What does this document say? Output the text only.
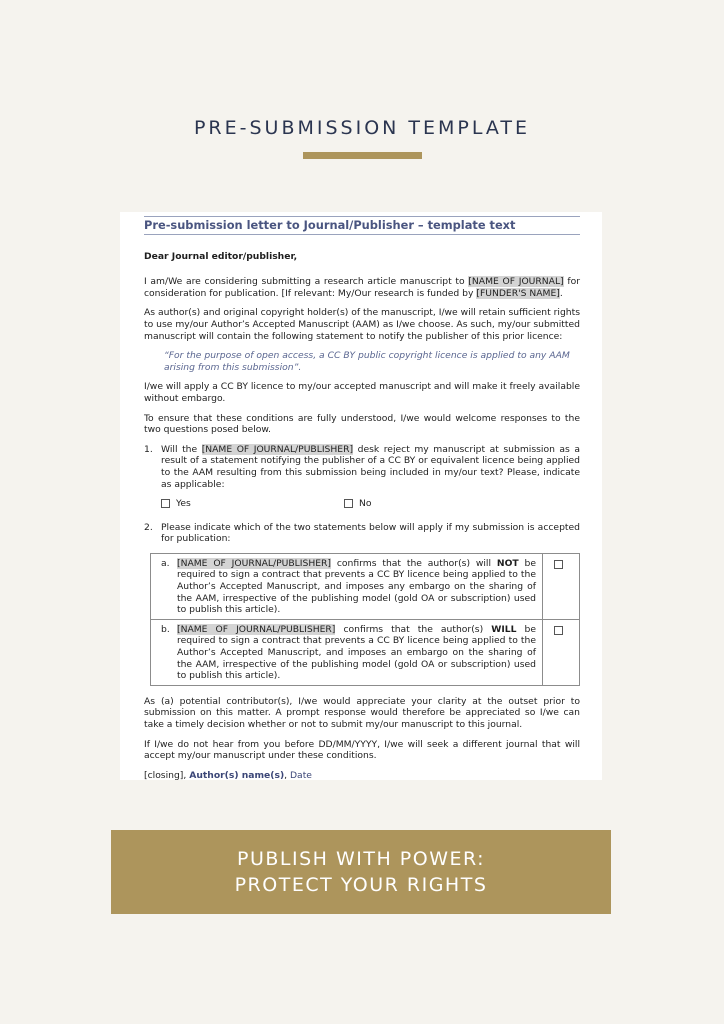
PRE-SUBMISSION TEMPLATE
Pre-submission letter to Journal/Publisher – template text
Dear Journal editor/publisher,
I am/We are considering submitting a research article manuscript to [NAME OF JOURNAL] for consideration for publication. [If relevant: My/Our research is funded by [FUNDER'S NAME].
As author(s) and original copyright holder(s) of the manuscript, I/we will retain sufficient rights to use my/our Author’s Accepted Manuscript (AAM) as I/we choose. As such, my/our submitted manuscript will contain the following statement to notify the publisher of this prior licence:
“For the purpose of open access, a CC BY public copyright licence is applied to any AAM arising from this submission”.
I/we will apply a CC BY licence to my/our accepted manuscript and will make it freely available without embargo.
To ensure that these conditions are fully understood, I/we would welcome responses to the two questions posed below.
1. Will the [NAME OF JOURNAL/PUBLISHER] desk reject my manuscript at submission as a result of a statement notifying the publisher of a CC BY or equivalent licence being applied to the AAM resulting from this submission being included in my/our text? Please, indicate as applicable:
Yes	No
2. Please indicate which of the two statements below will apply if my submission is accepted for publication:
a. [NAME OF JOURNAL/PUBLISHER] confirms that the author(s) will NOT be required to sign a contract that prevents a CC BY licence being applied to the Author’s Accepted Manuscript, and imposes any embargo on the sharing of the AAM, irrespective of the publishing model (gold OA or subscription) used to publish this article).
b. [NAME OF JOURNAL/PUBLISHER] confirms that the author(s) WILL be required to sign a contract that prevents a CC BY licence being applied to the Author’s Accepted Manuscript, and imposes an embargo on the sharing of the AAM, irrespective of the publishing model (gold OA or subscription) used to publish this article).
As (a) potential contributor(s), I/we would appreciate your clarity at the outset prior to submission on this matter. A prompt response would therefore be appreciated so I/we can take a timely decision whether or not to submit my/our manuscript to this journal.
If I/we do not hear from you before DD/MM/YYYY, I/we will seek a different journal that will accept my/our manuscript under these conditions.
[closing], Author(s) name(s), Date
PUBLISH WITH POWER:
PROTECT YOUR RIGHTS
